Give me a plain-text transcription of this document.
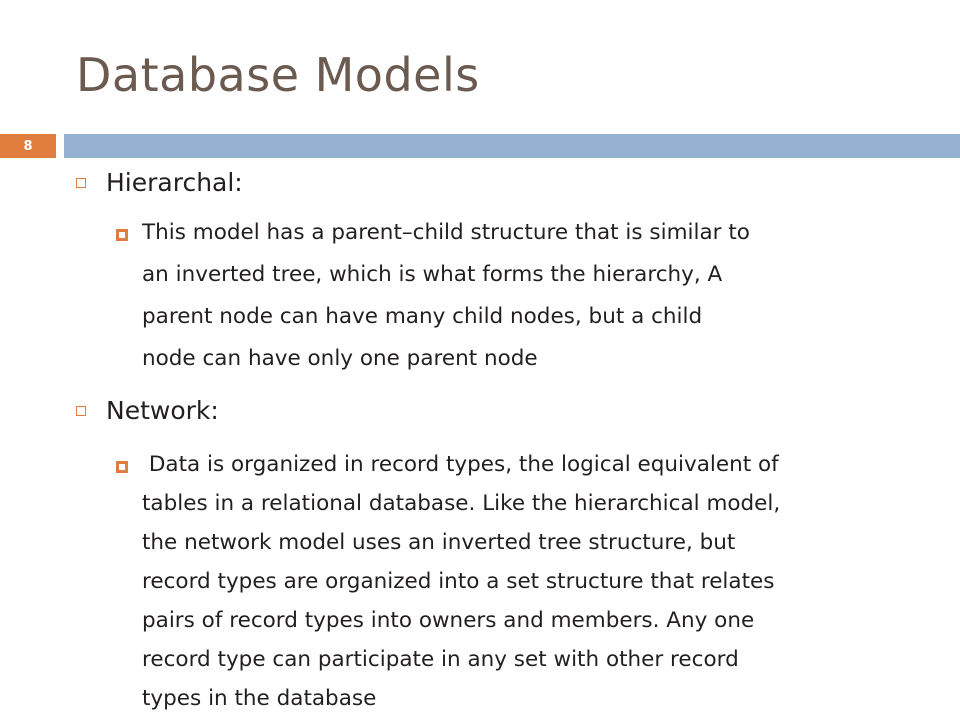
Database Models
8
Hierarchal:
This model has a parent–child structure that is similar to
an inverted tree, which is what forms the hierarchy, A
parent node can have many child nodes, but a child
node can have only one parent node
Network:
Data is organized in record types, the logical equivalent of
tables in a relational database. Like the hierarchical model,
the network model uses an inverted tree structure, but
record types are organized into a set structure that relates
pairs of record types into owners and members. Any one
record type can participate in any set with other record
types in the database
